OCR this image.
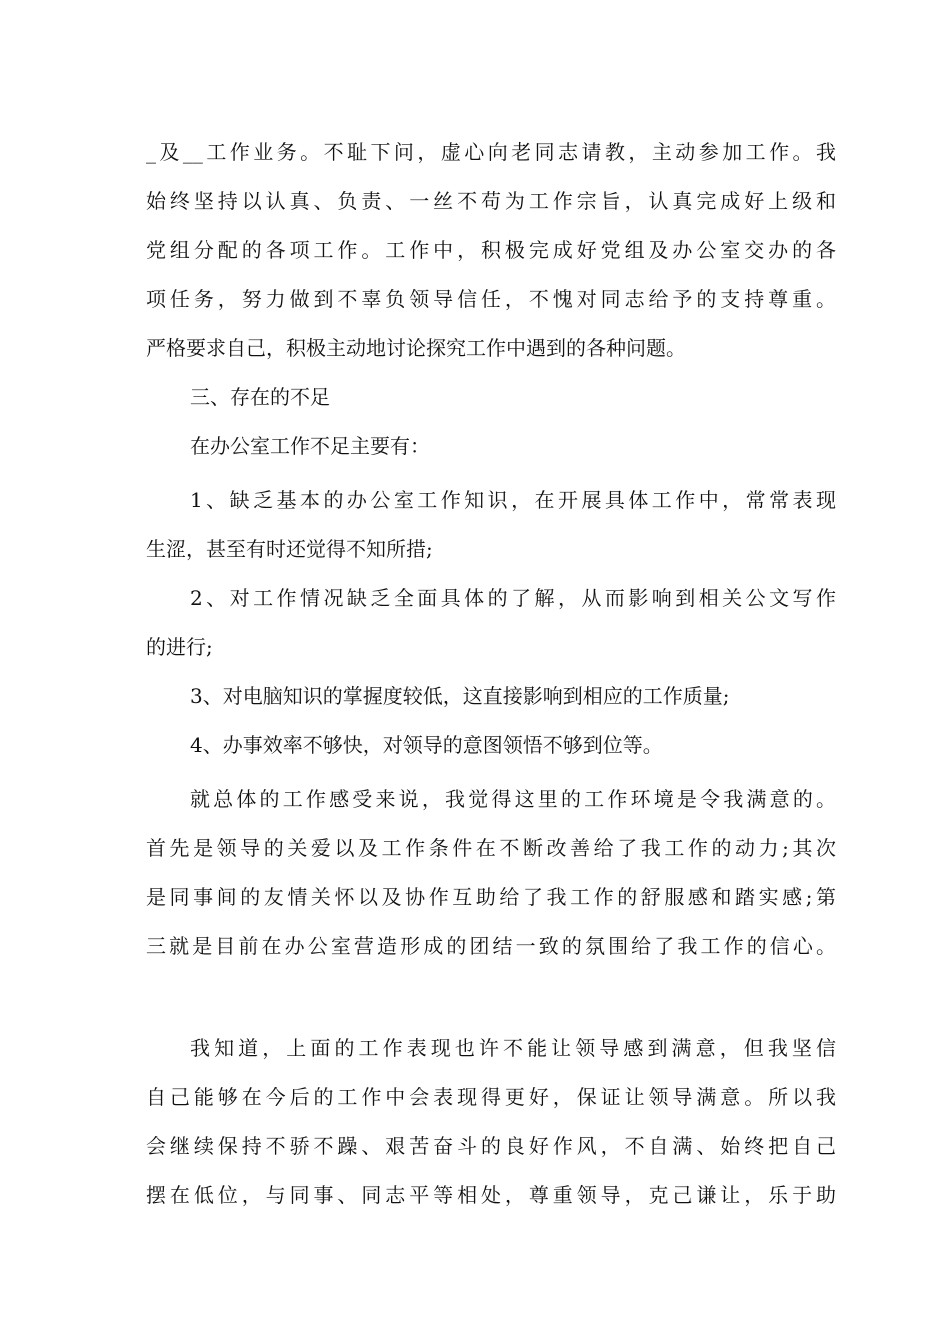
_及__工作业务。不耻下问，虚心向老同志请教，主动参加工作。我
始终坚持以认真、负责、一丝不苟为工作宗旨，认真完成好上级和
党组分配的各项工作。工作中，积极完成好党组及办公室交办的各
项任务，努力做到不辜负领导信任，不愧对同志给予的支持尊重。
严格要求自己，积极主动地讨论探究工作中遇到的各种问题。
三、存在的不足
在办公室工作不足主要有：
1、缺乏基本的办公室工作知识，在开展具体工作中，常常表现
生涩，甚至有时还觉得不知所措;
2、对工作情况缺乏全面具体的了解，从而影响到相关公文写作
的进行;
3、对电脑知识的掌握度较低，这直接影响到相应的工作质量;
4、办事效率不够快，对领导的意图领悟不够到位等。
就总体的工作感受来说，我觉得这里的工作环境是令我满意的。
首先是领导的关爱以及工作条件在不断改善给了我工作的动力;其次
是同事间的友情关怀以及协作互助给了我工作的舒服感和踏实感;第
三就是目前在办公室营造形成的团结一致的氛围给了我工作的信心。
我知道，上面的工作表现也许不能让领导感到满意，但我坚信
自己能够在今后的工作中会表现得更好，保证让领导满意。所以我
会继续保持不骄不躁、艰苦奋斗的良好作风，不自满、始终把自己
摆在低位，与同事、同志平等相处，尊重领导，克己谦让，乐于助
